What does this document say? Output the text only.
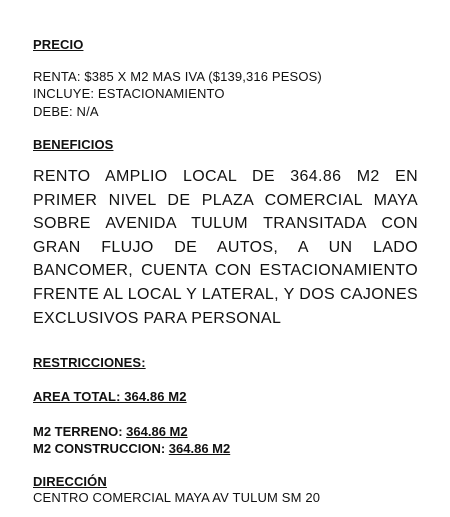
PRECIO
RENTA: $385 X M2 MAS IVA ($139,316 PESOS)
INCLUYE: ESTACIONAMIENTO
DEBE: N/A
BENEFICIOS
RENTO AMPLIO LOCAL DE 364.86 M2 EN PRIMER NIVEL DE PLAZA COMERCIAL MAYA SOBRE AVENIDA TULUM TRANSITADA CON GRAN FLUJO DE AUTOS, A UN LADO BANCOMER, CUENTA CON ESTACIONAMIENTO FRENTE AL LOCAL Y LATERAL, Y DOS CAJONES EXCLUSIVOS PARA PERSONAL
RESTRICCIONES:
AREA TOTAL: 364.86 M2
M2 TERRENO: 364.86 M2
M2 CONSTRUCCION: 364.86 M2
DIRECCIÓN
CENTRO COMERCIAL MAYA AV TULUM SM 20
